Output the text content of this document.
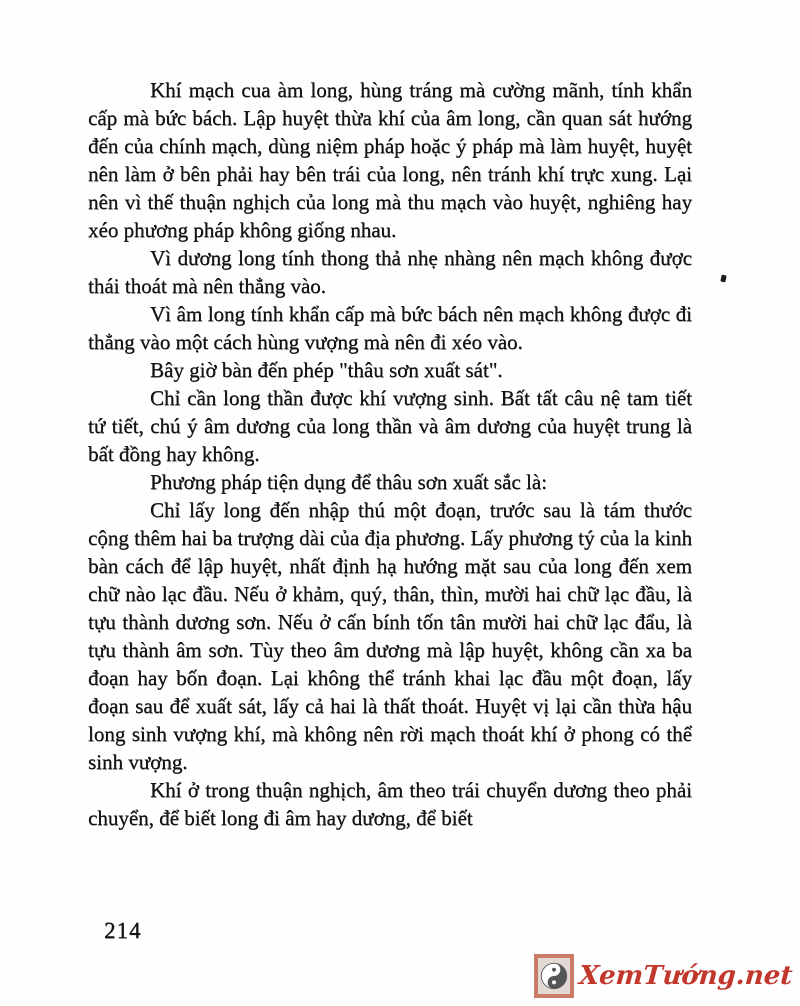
Khí mạch cua àm long, hùng tráng mà cường mãnh, tính khẩn cấp mà bức bách. Lập huyệt thừa khí của âm long, cần quan sát hướng đến của chính mạch, dùng niệm pháp hoặc ý pháp mà làm huyệt, huyệt nên làm ở bên phải hay bên trái của long, nên tránh khí trực xung. Lại nên vì thế thuận nghịch của long mà thu mạch vào huyệt, nghiêng hay xéo phương pháp không giống nhau.

Vì dương long tính thong thả nhẹ nhàng nên mạch không được thái thoát mà nên thẳng vào.

Vì âm long tính khẩn cấp mà bức bách nên mạch không được đi thẳng vào một cách hùng vượng mà nên đi xéo vào.

Bây giờ bàn đến phép "thâu sơn xuất sát".

Chỉ cần long thần được khí vượng sinh. Bất tất câu nệ tam tiết tứ tiết, chú ý âm dương của long thần và âm dương của huyệt trung là bất đồng hay không.

Phương pháp tiện dụng để thâu sơn xuất sắc là:

Chỉ lấy long đến nhập thú một đoạn, trước sau là tám thước cộng thêm hai ba trượng dài của địa phương. Lấy phương tý của la kinh bàn cách để lập huyệt, nhất định hạ hướng mặt sau của long đến xem chữ nào lạc đầu. Nếu ở khảm, quý, thân, thìn, mười hai chữ lạc đầu, là tựu thành dương sơn. Nếu ở cấn bính tốn tân mười hai chữ lạc đẩu, là tựu thành âm sơn. Tùy theo âm dương mà lập huyệt, không cần xa ba đoạn hay bốn đoạn. Lại không thể tránh khai lạc đầu một đoạn, lấy đoạn sau để xuất sát, lấy cả hai là thất thoát. Huyệt vị lại cần thừa hậu long sinh vượng khí, mà không nên rời mạch thoát khí ở phong có thể sinh vượng.

Khí ở trong thuận nghịch, âm theo trái chuyển dương theo phải chuyển, để biết long đi âm hay dương, để biết

214
XemTướng.net
